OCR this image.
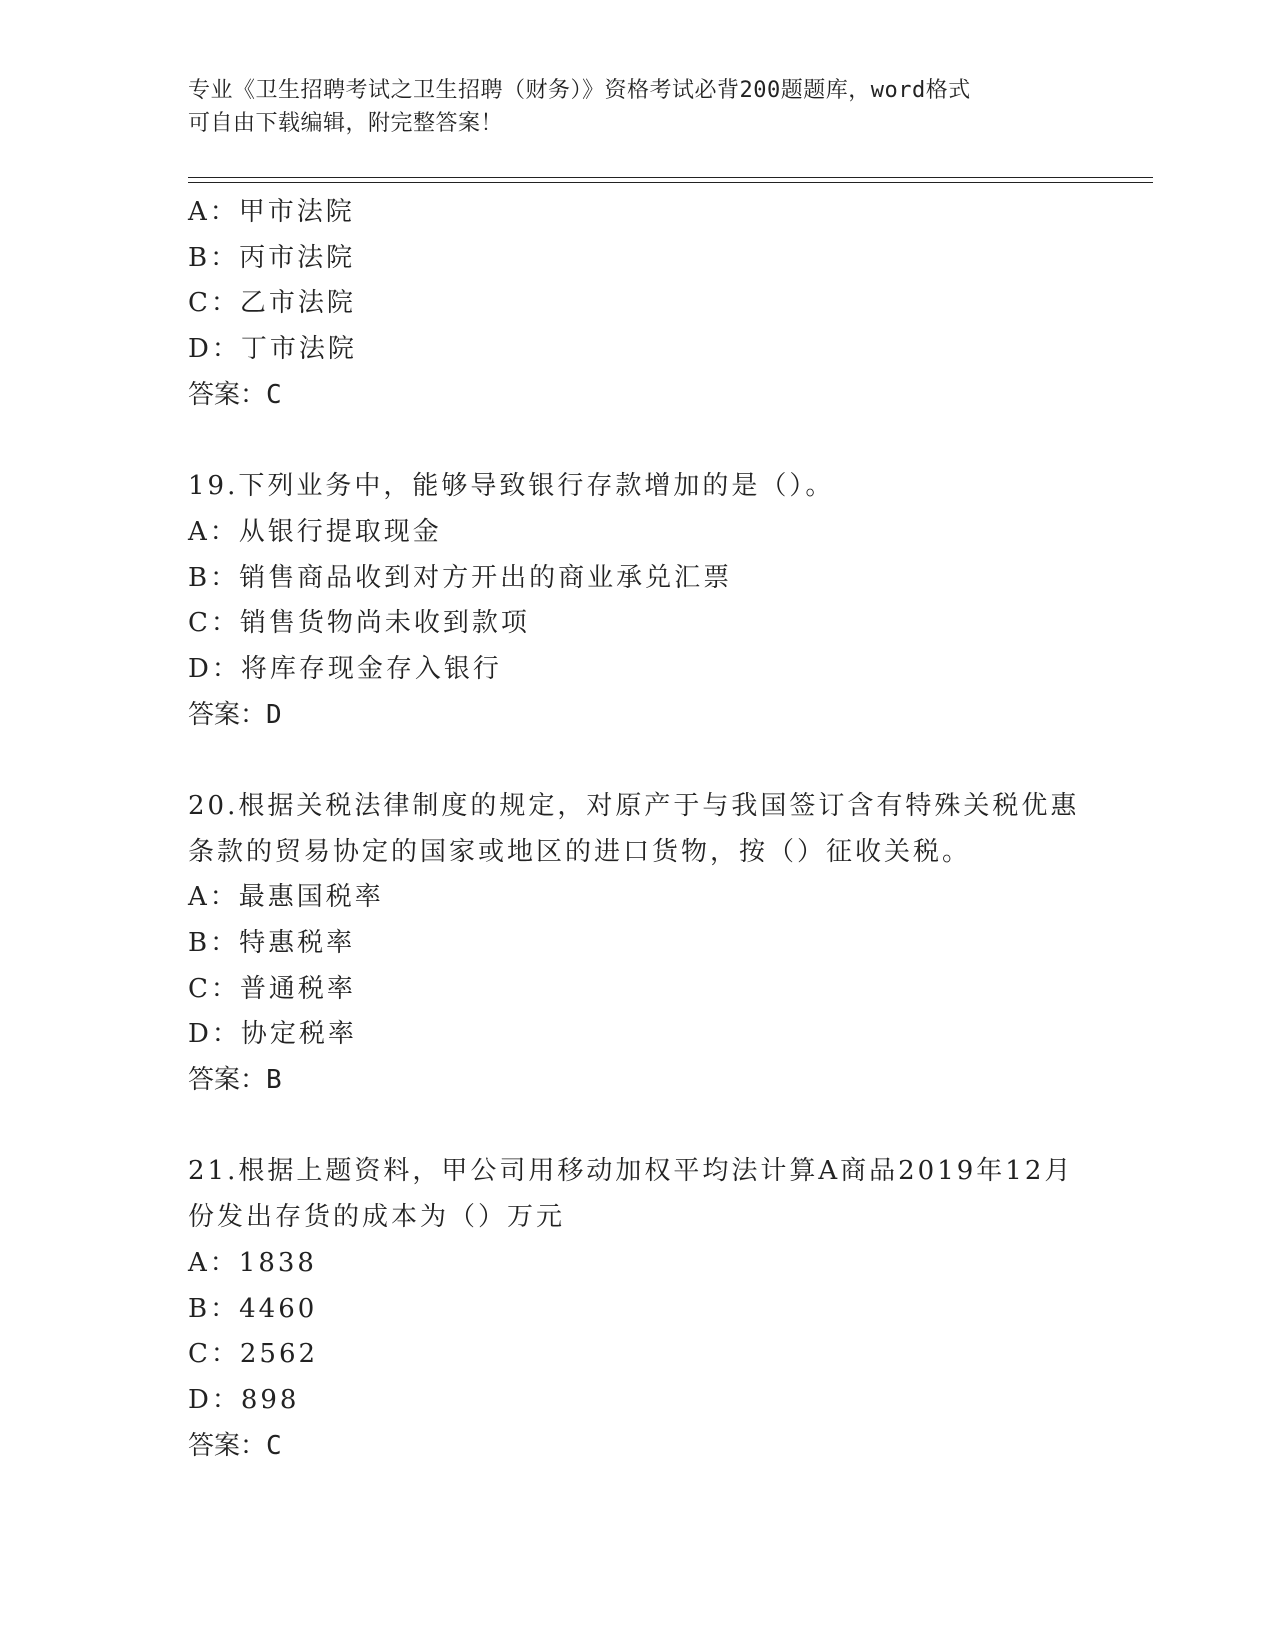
专业《卫生招聘考试之卫生招聘（财务）》资格考试必背200题题库，word格式

可自由下载编辑，附完整答案！

A：甲市法院
B：丙市法院
C：乙市法院
D：丁市法院
答案：C
19.下列业务中，能够导致银行存款增加的是（）。
A：从银行提取现金
B：销售商品收到对方开出的商业承兑汇票
C：销售货物尚未收到款项
D：将库存现金存入银行
答案：D
20.根据关税法律制度的规定，对原产于与我国签订含有特殊关税优惠
条款的贸易协定的国家或地区的进口货物，按（）征收关税。
A：最惠国税率
B：特惠税率
C：普通税率
D：协定税率
答案：B
21.根据上题资料，甲公司用移动加权平均法计算A商品2019年12月
份发出存货的成本为（）万元
A：1838
B：4460
C：2562
D：898
答案：C
